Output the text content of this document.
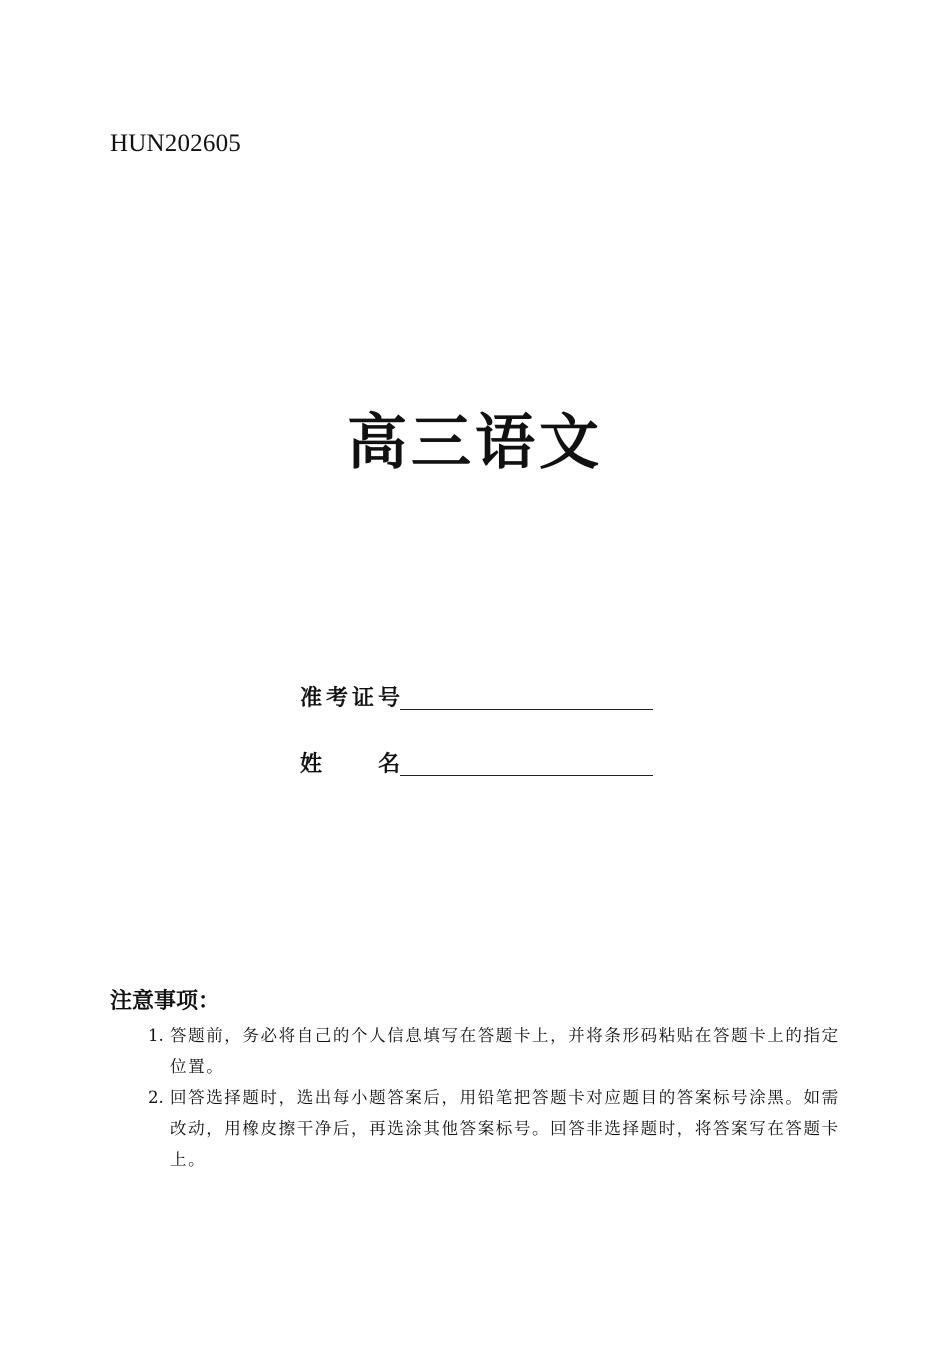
HUN202605
高三语文
准 考 证 号
姓	名
注意事项：
1. 答题前，务必将自己的个人信息填写在答题卡上，并将条形码粘贴在答题卡上的指定位置。
2. 回答选择题时，选出每小题答案后，用铅笔把答题卡对应题目的答案标号涂黑。如需改动，用橡皮擦干净后，再选涂其他答案标号。回答非选择题时，将答案写在答题卡上。
